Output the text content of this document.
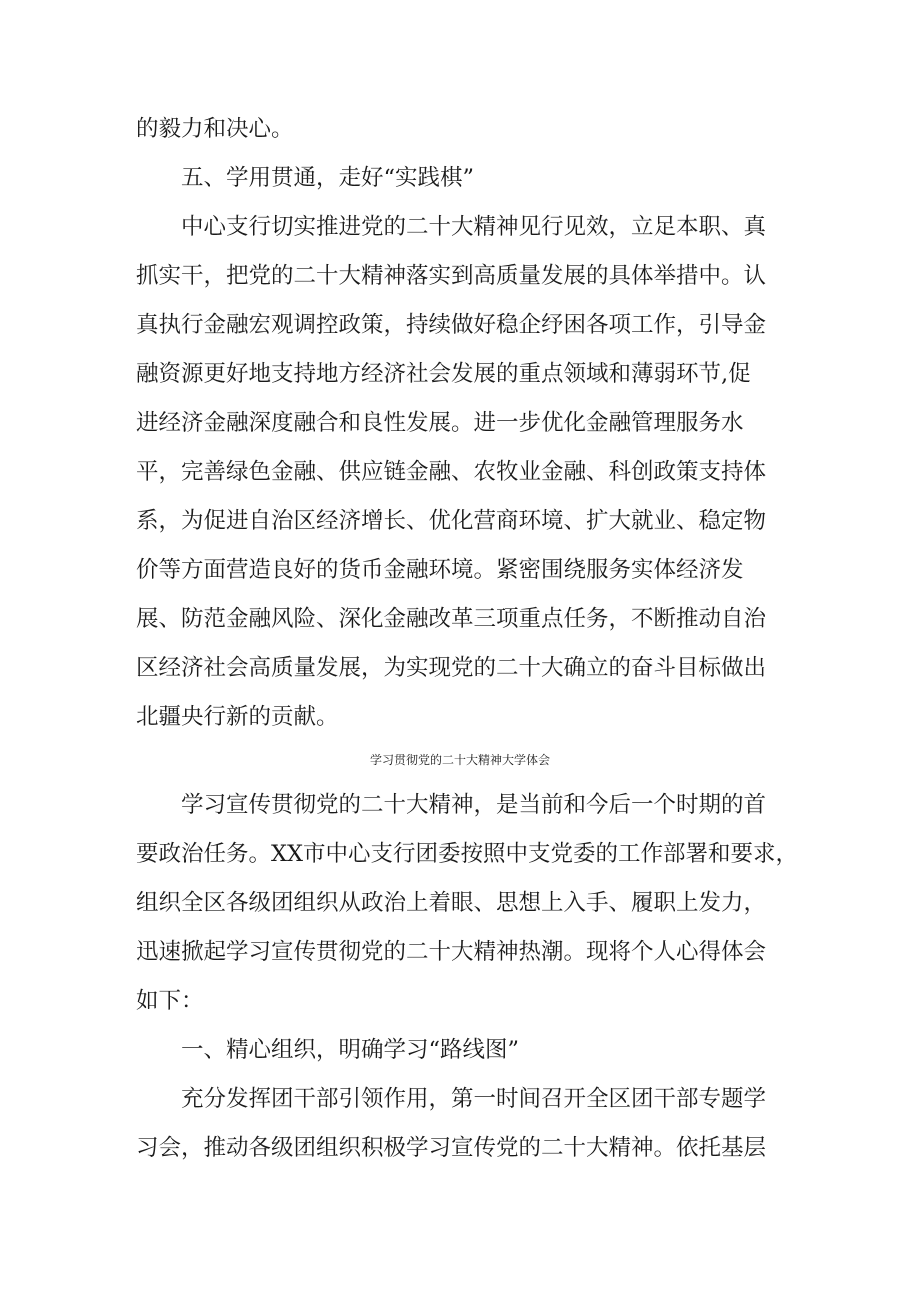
的毅力和决心。
五、学用贯通，走好“实践棋”
中心支行切实推进党的二十大精神见行见效，立足本职、真
抓实干，把党的二十大精神落实到高质量发展的具体举措中。认
真执行金融宏观调控政策，持续做好稳企纾困各项工作，引导金
融资源更好地支持地方经济社会发展的重点领域和薄弱环节,促
进经济金融深度融合和良性发展。进一步优化金融管理服务水
平，完善绿色金融、供应链金融、农牧业金融、科创政策支持体
系，为促进自治区经济增长、优化营商环境、扩大就业、稳定物
价等方面营造良好的货币金融环境。紧密围绕服务实体经济发
展、防范金融风险、深化金融改革三项重点任务，不断推动自治
区经济社会高质量发展，为实现党的二十大确立的奋斗目标做出
北疆央行新的贡献。
学习贯彻党的二十大精神大学体会
学习宣传贯彻党的二十大精神，是当前和今后一个时期的首
要政治任务。XX市中心支行团委按照中支党委的工作部署和要求，
组织全区各级团组织从政治上着眼、思想上入手、履职上发力，
迅速掀起学习宣传贯彻党的二十大精神热潮。现将个人心得体会
如下：
一、精心组织，明确学习“路线图”
充分发挥团干部引领作用，第一时间召开全区团干部专题学
习会，推动各级团组织积极学习宣传党的二十大精神。依托基层
